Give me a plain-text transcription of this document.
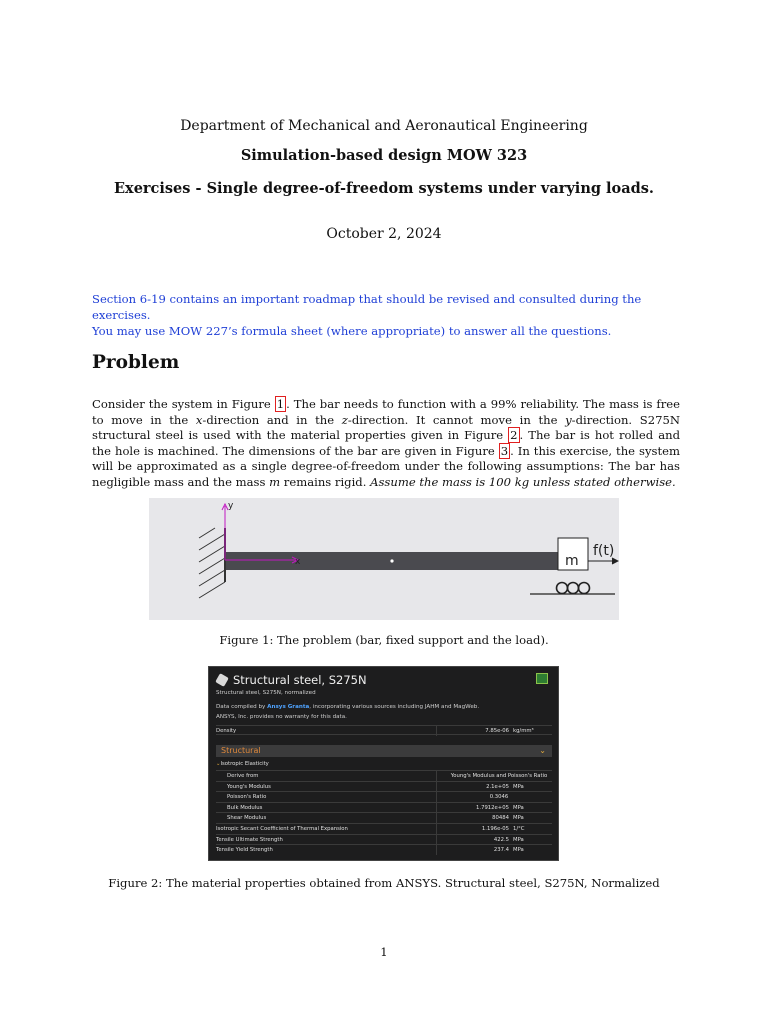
Department of Mechanical and Aeronautical Engineering
Simulation-based design MOW 323
Exercises - Single degree-of-freedom systems under varying loads.
October 2, 2024
Section 6-19 contains an important roadmap that should be revised and consulted during the exercises.
You may use MOW 227’s formula sheet (where appropriate) to answer all the questions.
Problem
Consider the system in Figure 1 . The bar needs to function with a 99% reliability. The mass is free to move in the x-direction and in the z-direction. It cannot move in the y-direction. S275N structural steel is used with the material properties given in Figure 2 . The bar is hot rolled and the hole is machined. The dimensions of the bar are given in Figure 3 . In this exercise, the system will be approximated as a single degree-of-freedom under the following assumptions: The bar has negligible mass and the mass m remains rigid. Assume the mass is 100 kg unless stated otherwise.
y
x	m
f(t)
Figure 1: The problem (bar, fixed support and the load).
Structural steel, S275N
Structural steel, S275N, normalized
Data compiled by Ansys Granta, incorporating various sources including JAHM and MagWeb.
ANSYS, Inc. provides no warranty for this data.
Density	7.85e-06 kg/mm³
Structural	⌄
⌄Isotropic Elasticity
Derive from	Young's Modulus and Poisson's Ratio
Young's Modulus	2.1e+05 MPa
Poisson's Ratio	0.3046
Bulk Modulus	1.7912e+05 MPa
Shear Modulus	80484 MPa
Isotropic Secant Coefficient of Thermal Expansion	1.196e-05 1/°C
Tensile Ultimate Strength	422.5 MPa
Tensile Yield Strength	237.4 MPa
Figure 2: The material properties obtained from ANSYS. Structural steel, S275N, Normalized
1
